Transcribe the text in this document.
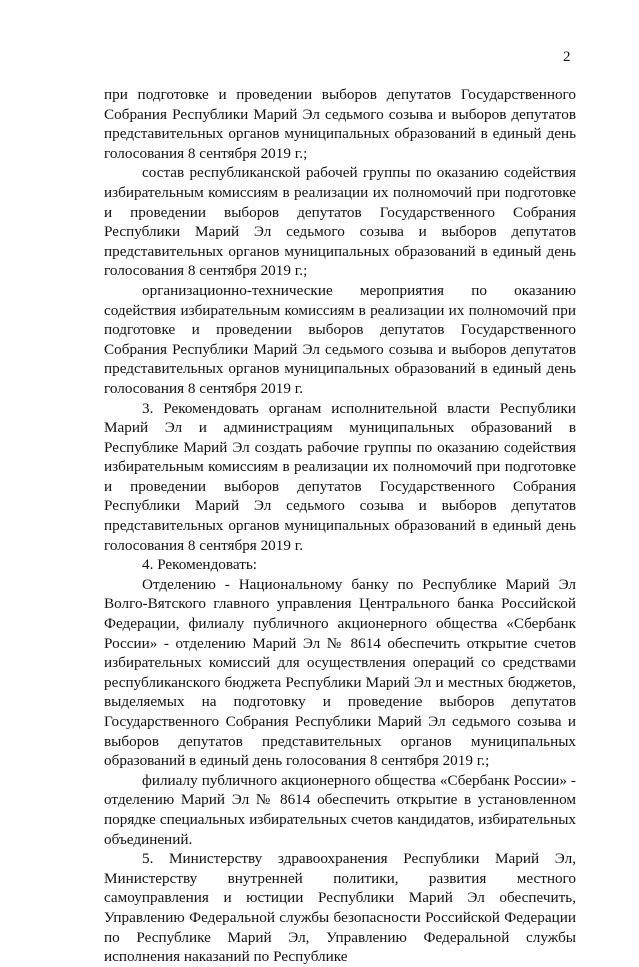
2

при подготовке и проведении выборов депутатов Государственного Собрания Республики Марий Эл седьмого созыва и выборов депутатов представительных органов муниципальных образований в единый день голосования 8 сентября 2019 г.;

состав республиканской рабочей группы по оказанию содействия избирательным комиссиям в реализации их полномочий при подготовке и проведении выборов депутатов Государственного Собрания Республики Марий Эл седьмого созыва и выборов депутатов представительных органов муниципальных образований в единый день голосования 8 сентября 2019 г.;

организационно-технические мероприятия по оказанию содействия избирательным комиссиям в реализации их полномочий при подготовке и проведении выборов депутатов Государственного Собрания Республики Марий Эл седьмого созыва и выборов депутатов представительных органов муниципальных образований в единый день голосования 8 сентября 2019 г.

3. Рекомендовать органам исполнительной власти Республики Марий Эл и администрациям муниципальных образований в Республике Марий Эл создать рабочие группы по оказанию содействия избирательным комиссиям в реализации их полномочий при подготовке и проведении выборов депутатов Государственного Собрания Республики Марий Эл седьмого созыва и выборов депутатов представительных органов муниципальных образований в единый день голосования 8 сентября 2019 г.

4. Рекомендовать:

Отделению - Национальному банку по Республике Марий Эл Волго-Вятского главного управления Центрального банка Российской Федерации, филиалу публичного акционерного общества «Сбербанк России» - отделению Марий Эл № 8614 обеспечить открытие счетов избирательных комиссий для осуществления операций со средствами республиканского бюджета Республики Марий Эл и местных бюджетов, выделяемых на подготовку и проведение выборов депутатов Государственного Собрания Республики Марий Эл седьмого созыва и выборов депутатов представительных органов муниципальных образований в единый день голосования 8 сентября 2019 г.;

филиалу публичного акционерного общества «Сбербанк России» - отделению Марий Эл № 8614 обеспечить открытие в установленном порядке специальных избирательных счетов кандидатов, избирательных объединений.

5. Министерству здравоохранения Республики Марий Эл, Министерству внутренней политики, развития местного самоуправления и юстиции Республики Марий Эл обеспечить, Управлению Федеральной службы безопасности Российской Федерации по Республике Марий Эл, Управлению Федеральной службы исполнения наказаний по Республике
